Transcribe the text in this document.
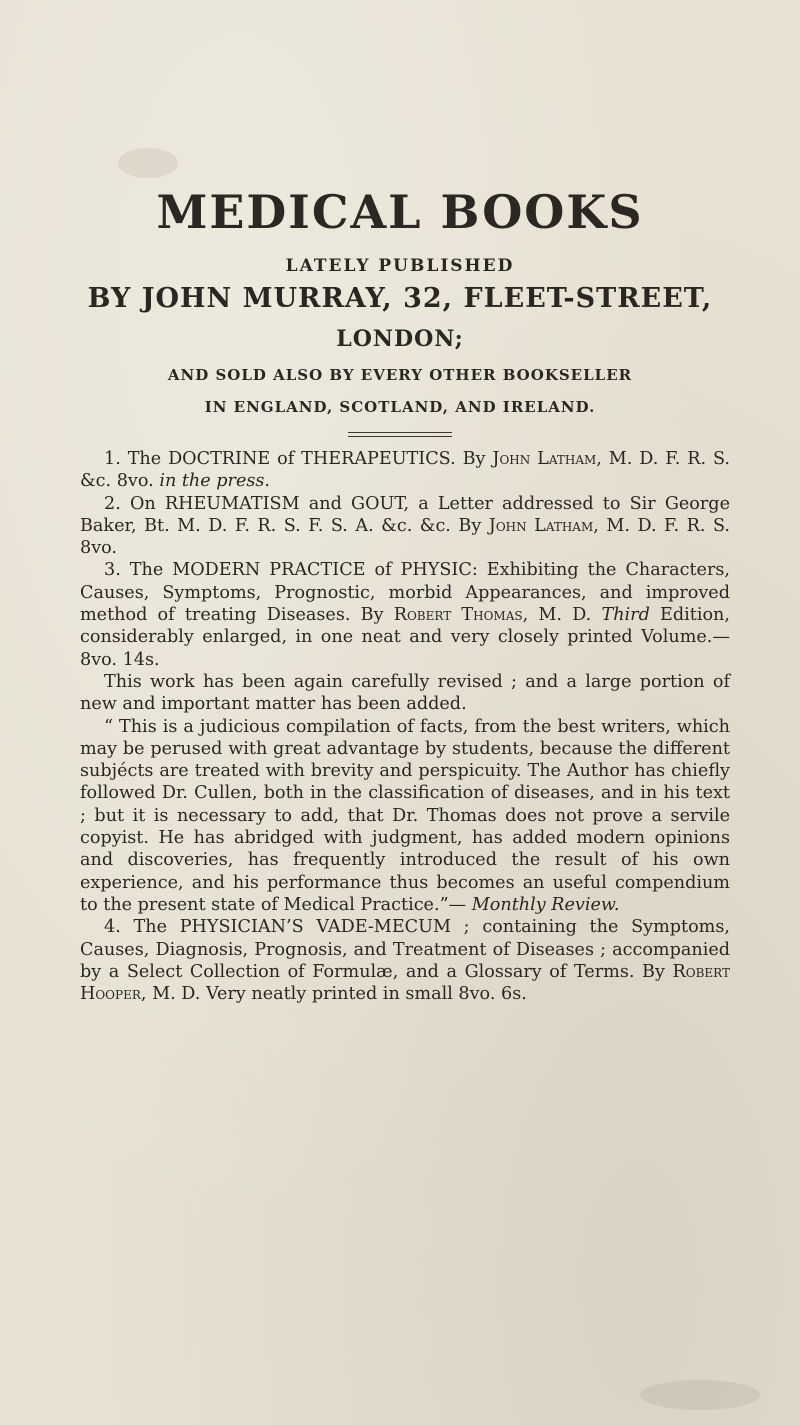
MEDICAL BOOKS
LATELY PUBLISHED
BY JOHN MURRAY, 32, FLEET-STREET,
LONDON;
AND SOLD ALSO BY EVERY OTHER BOOKSELLER
IN ENGLAND, SCOTLAND, AND IRELAND.

1. The DOCTRINE of THERAPEUTICS. By John Latham, M. D. F. R. S. &c. 8vo. in the press.

2. On RHEUMATISM and GOUT, a Letter addressed to Sir George Baker, Bt. M. D. F. R. S. F. S. A. &c. &c. By John Latham, M. D. F. R. S. 8vo.

3. The MODERN PRACTICE of PHYSIC: Exhibiting the Characters, Causes, Symptoms, Prognostic, morbid Appearances, and improved method of treating Diseases. By Robert Thomas, M. D. Third Edition, considerably enlarged, in one neat and very closely printed Volume.— 8vo. 14s.

This work has been again carefully revised ; and a large portion of new and important matter has been added.

“ This is a judicious compilation of facts, from the best writers, which may be perused with great advantage by students, because the different subjécts are treated with brevity and perspicuity. The Author has chiefly followed Dr. Cullen, both in the classification of diseases, and in his text ; but it is necessary to add, that Dr. Thomas does not prove a servile copyist. He has abridged with judgment, has added modern opinions and discoveries, has frequently introduced the result of his own experience, and his performance thus becomes an useful compendium to the present state of Medical Practice.”— Monthly Review.

4. The PHYSICIAN’S VADE-MECUM ; containing the Symptoms, Causes, Diagnosis, Prognosis, and Treatment of Diseases ; accompanied by a Select Collection of Formulæ, and a Glossary of Terms. By Robert Hooper, M. D. Very neatly printed in small 8vo. 6s.
